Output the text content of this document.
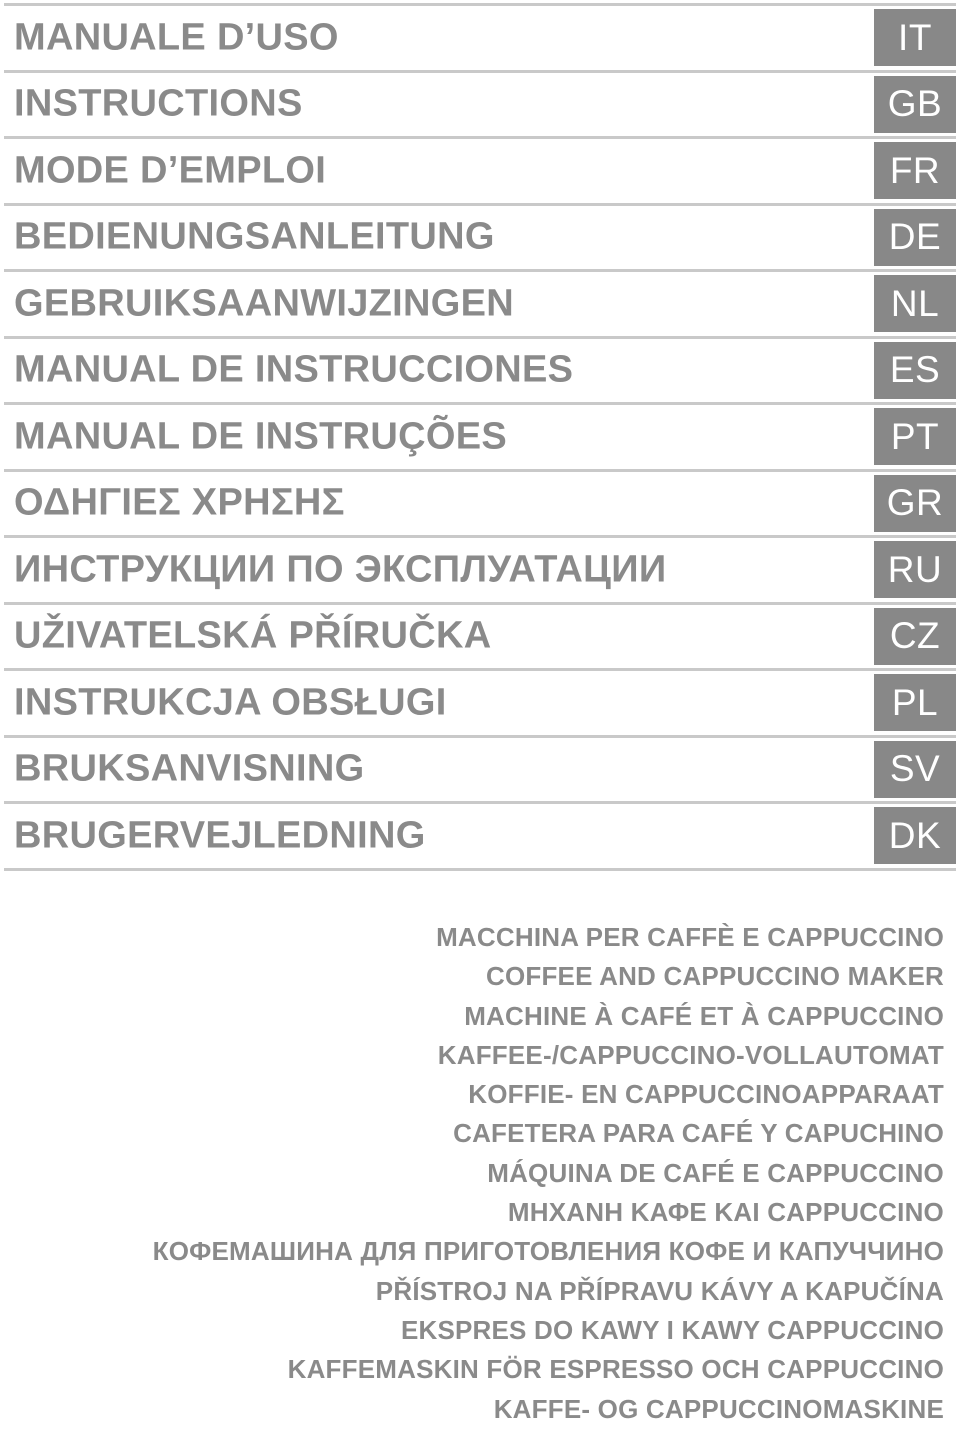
MANUALE D’USO	IT
INSTRUCTIONS	GB
MODE D’EMPLOI	FR
BEDIENUNGSANLEITUNG	DE
GEBRUIKSAANWIJZINGEN	NL
MANUAL DE INSTRUCCIONES	ES
MANUAL DE INSTRUÇÕES	PT
ΟΔΗΓΙΕΣ ΧΡΗΣΗΣ	GR
ИНСТРУКЦИИ ПО ЭКСПЛУАТАЦИИ	RU
UŽIVATELSKÁ PŘÍRUČKA	CZ
INSTRUKCJA OBSŁUGI	PL
BRUKSANVISNING	SV
BRUGERVEJLEDNING	DK
MACCHINA PER CAFFÈ E CAPPUCCINO
COFFEE AND CAPPUCCINO MAKER
MACHINE À CAFÉ ET À CAPPUCCINO
KAFFEE-/CAPPUCCINO-VOLLAUTOMAT
KOFFIE- EN CAPPUCCINOAPPARAAT
CAFETERA PARA CAFÉ Y CAPUCHINO
MÁQUINA DE CAFÉ E CAPPUCCINO
ΜΗΧΑΝΗ ΚΑΦΕ ΚΑΙ CAPPUCCINO
КОФЕМАШИНА ДЛЯ ПРИГОТОВЛЕНИЯ КОФЕ И КАПУЧЧИНО
PŘÍSTROJ NA PŘÍPRAVU KÁVY A KAPUČÍNA
EKSPRES DO KAWY I KAWY CAPPUCCINO
KAFFEMASKIN FÖR ESPRESSO OCH CAPPUCCINO
KAFFE- OG CAPPUCCINOMASKINE
